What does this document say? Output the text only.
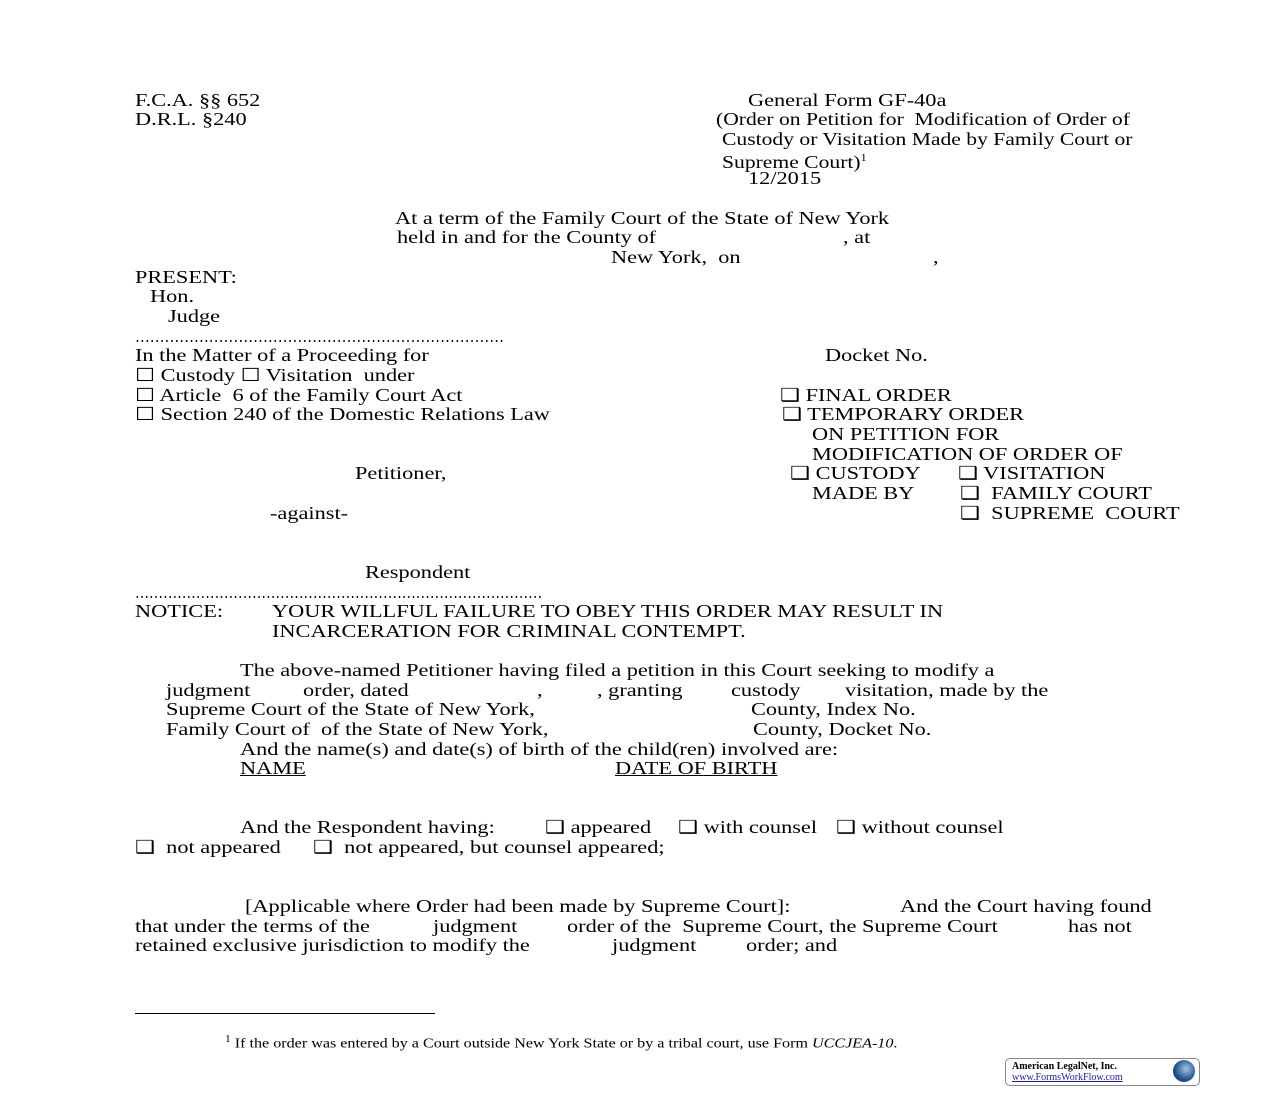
F.C.A. §§ 652
D.R.L. §240
General Form GF-40a
(Order on Petition for  Modification of Order of
Custody or Visitation Made by Family Court or
Supreme Court)$^1$
12/2015
At a term of the Family Court of the State of New York
held in and for the County of	, at
New York,  on	,
PRESENT:
Hon.
Judge
…………………………………………………………………
In the Matter of a Proceeding for	Docket No.
☐ Custody ☐ Visitation  under
☐ Article  6 of the Family Court Act
☐ Section 240 of the Domestic Relations Law
❑ FINAL ORDER
❑ TEMPORARY ORDER
ON PETITION FOR
MODIFICATION OF ORDER OF
❑ CUSTODY ❑ VISITATION
MADE BY	❑  FAMILY COURT
❑  SUPREME  COURT
Petitioner,
-against-
Respondent
……………………………………………………………………………
NOTICE:	YOUR WILLFUL FAILURE TO OBEY THIS ORDER MAY RESULT IN
INCARCERATION FOR CRIMINAL CONTEMPT.
The above-named Petitioner having filed a petition in this Court seeking to modify a
judgment	order, dated	,	, granting	custody visitation, made by the
Supreme Court of the State of New York,	County, Index No.
Family Court of  of the State of New York,	County, Docket No.
And the name(s) and date(s) of birth of the child(ren) involved are:
NAME	DATE OF BIRTH
And the Respondent having:	❑ appeared ❑ with counsel ❑ without counsel
❑  not appeared ❑  not appeared, but counsel appeared;
[Applicable where Order had been made by Supreme Court]:	And the Court having found
that under the terms of the	judgment	order of the  Supreme Court, the Supreme Court	has not
retained exclusive jurisdiction to modify the	judgment	order; and
$^1$ If the order was entered by a Court outside New York State or by a tribal court, use Form UCCJEA-10.
American LegalNet, Inc.
www.FormsWorkFlow.com
